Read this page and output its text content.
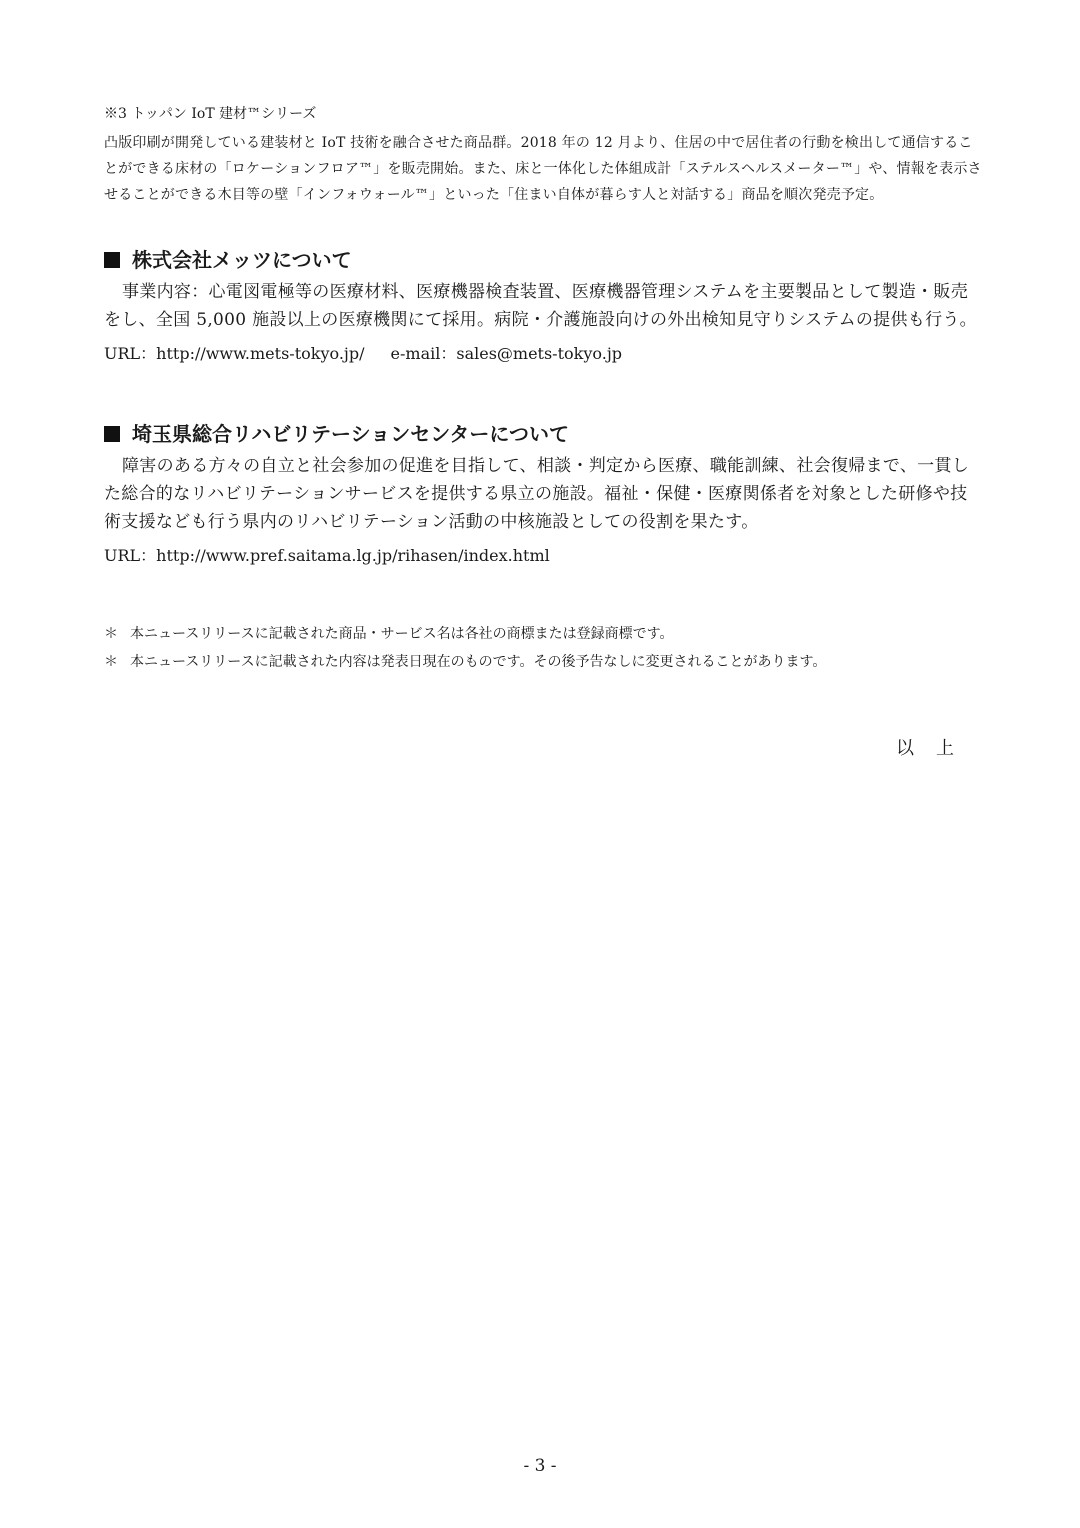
※3 トッパン IoT 建材™シリーズ

凸版印刷が開発している建装材と IoT 技術を融合させた商品群。2018 年の 12 月より、住居の中で居住者の行動を検出して通信することができる床材の「ロケーションフロア™」を販売開始。また、床と一体化した体組成計「ステルスヘルスメーター™」や、情報を表示させることができる木目等の壁「インフォウォール™」といった「住まい自体が暮らす人と対話する」商品を順次発売予定。

株式会社メッツについて

事業内容：心電図電極等の医療材料、医療機器検査装置、医療機器管理システムを主要製品として製造・販売をし、全国 5,000 施設以上の医療機関にて採用。病院・介護施設向けの外出検知見守りシステムの提供も行う。

URL：http://www.mets-tokyo.jp/ e-mail：sales@mets-tokyo.jp

埼玉県総合リハビリテーションセンターについて

障害のある方々の自立と社会参加の促進を目指して、相談・判定から医療、職能訓練、社会復帰まで、一貫した総合的なリハビリテーションサービスを提供する県立の施設。福祉・保健・医療関係者を対象とした研修や技術支援なども行う県内のリハビリテーション活動の中核施設としての役割を果たす。

URL：http://www.pref.saitama.lg.jp/rihasen/index.html

＊ 本ニュースリリースに記載された商品・サービス名は各社の商標または登録商標です。

＊ 本ニュースリリースに記載された内容は発表日現在のものです。その後予告なしに変更されることがあります。

以上
- 3 -
